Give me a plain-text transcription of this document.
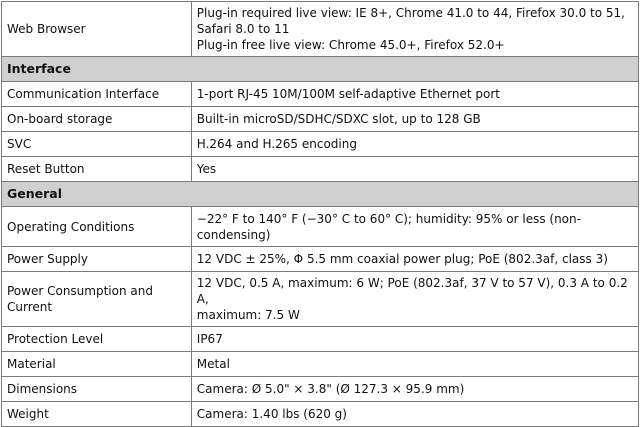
Web Browser	Plug-in required live view: IE 8+, Chrome 41.0 to 44, Firefox 30.0 to 51,
Safari 8.0 to 11
Plug-in free live view: Chrome 45.0+, Firefox 52.0+

Interface	
Communication Interface	1-port RJ-45 10M/100M self-adaptive Ethernet port

On-board storage	Built-in microSD/SDHC/SDXC slot, up to 128 GB

SVC	H.264 and H.265 encoding

Reset Button	Yes

General	
Operating Conditions	−22° F to 140° F (−30° C to 60° C); humidity: 95% or less (non-
condensing)

Power Supply	12 VDC ± 25%, Φ 5.5 mm coaxial power plug; PoE (802.3af, class 3)

Power Consumption and
Current	12 VDC, 0.5 A, maximum: 6 W; PoE (802.3af, 37 V to 57 V), 0.3 A to 0.2 A,
maximum: 7.5 W

Protection Level	IP67

Material	Metal

Dimensions	Camera: Ø 5.0" × 3.8" (Ø 127.3 × 95.9 mm)

Weight	Camera: 1.40 lbs (620 g)
